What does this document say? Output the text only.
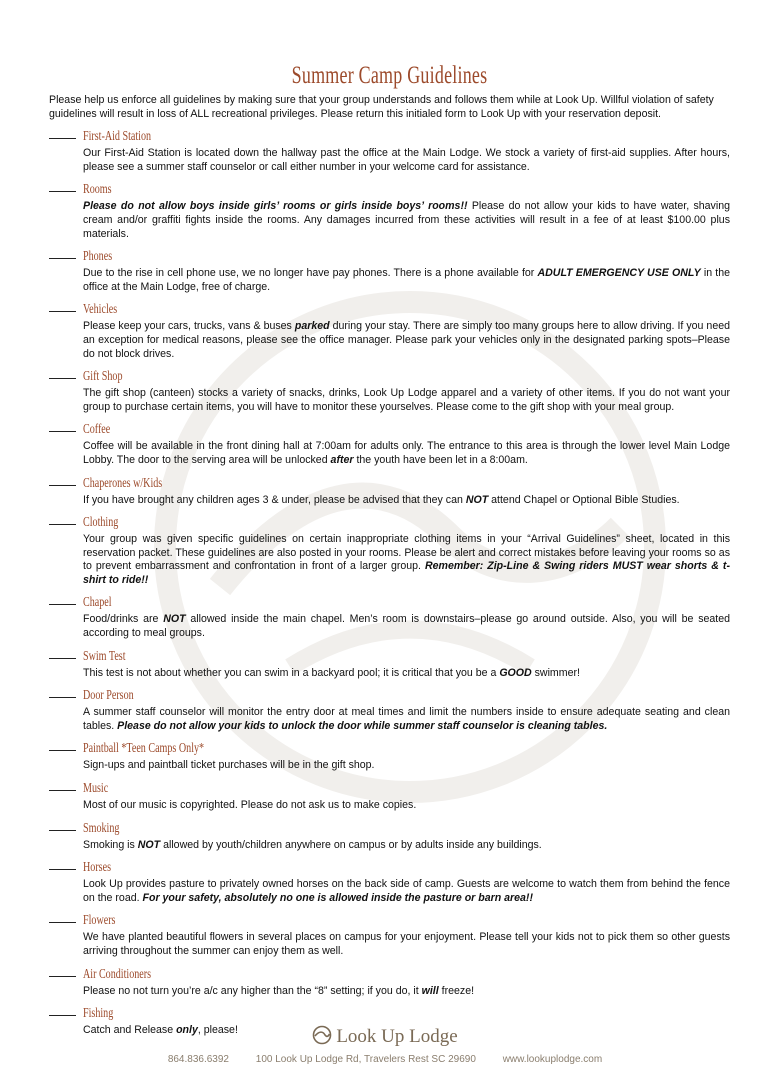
Summer Camp Guidelines

Please help us enforce all guidelines by making sure that your group understands and follows them while at Look Up. Willful violation of safety guidelines will result in loss of ALL recreational privileges. Please return this initialed form to Look Up with your reservation deposit.

First-Aid Station
Our First-Aid Station is located down the hallway past the office at the Main Lodge. We stock a variety of first-aid supplies. After hours, please see a summer staff counselor or call either number in your welcome card for assistance.
Rooms
Please do not allow boys inside girls’ rooms or girls inside boys’ rooms!! Please do not allow your kids to have water, shaving cream and/or graffiti fights inside the rooms. Any damages incurred from these activities will result in a fee of at least $100.00 plus materials.
Phones
Due to the rise in cell phone use, we no longer have pay phones. There is a phone available for ADULT EMERGENCY USE ONLY in the office at the Main Lodge, free of charge.
Vehicles
Please keep your cars, trucks, vans & buses parked during your stay. There are simply too many groups here to allow driving. If you need an exception for medical reasons, please see the office manager. Please park your vehicles only in the designated parking spots–Please do not block drives.
Gift Shop
The gift shop (canteen) stocks a variety of snacks, drinks, Look Up Lodge apparel and a variety of other items. If you do not want your group to purchase certain items, you will have to monitor these yourselves. Please come to the gift shop with your meal group.
Coffee
Coffee will be available in the front dining hall at 7:00am for adults only. The entrance to this area is through the lower level Main Lodge Lobby. The door to the serving area will be unlocked after the youth have been let in a 8:00am.
Chaperones w/Kids
If you have brought any children ages 3 & under, please be advised that they can NOT attend Chapel or Optional Bible Studies.
Clothing
Your group was given specific guidelines on certain inappropriate clothing items in your “Arrival Guidelines” sheet, located in this reservation packet. These guidelines are also posted in your rooms. Please be alert and correct mistakes before leaving your rooms so as to prevent embarrassment and confrontation in front of a larger group. Remember: Zip-Line & Swing riders MUST wear shorts & t-shirt to ride!!
Chapel
Food/drinks are NOT allowed inside the main chapel. Men’s room is downstairs–please go around outside. Also, you will be seated according to meal groups.
Swim Test
This test is not about whether you can swim in a backyard pool; it is critical that you be a GOOD swimmer!
Door Person
A summer staff counselor will monitor the entry door at meal times and limit the numbers inside to ensure adequate seating and clean tables. Please do not allow your kids to unlock the door while summer staff counselor is cleaning tables.
Paintball *Teen Camps Only*
Sign-ups and paintball ticket purchases will be in the gift shop.
Music
Most of our music is copyrighted. Please do not ask us to make copies.
Smoking
Smoking is NOT allowed by youth/children anywhere on campus or by adults inside any buildings.
Horses
Look Up provides pasture to privately owned horses on the back side of camp. Guests are welcome to watch them from behind the fence on the road. For your safety, absolutely no one is allowed inside the pasture or barn area!!
Flowers
We have planted beautiful flowers in several places on campus for your enjoyment. Please tell your kids not to pick them so other guests arriving throughout the summer can enjoy them as well.
Air Conditioners
Please no not turn you’re a/c any higher than the “8” setting; if you do, it will freeze!
Fishing
Catch and Release only, please!	Look Up Lodge
864.836.6392	100 Look Up Lodge Rd, Travelers Rest SC 29690	www.lookuplodge.com
